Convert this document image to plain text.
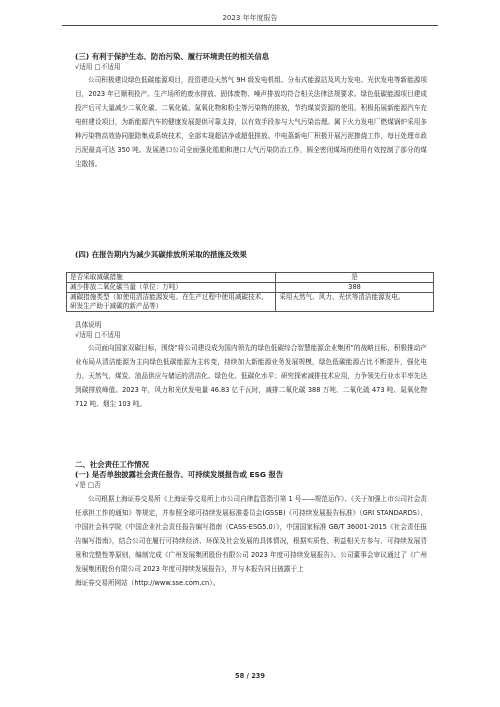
2023 年年度报告
(三) 有利于保护生态、防治污染、履行环境责任的相关信息
√适用 □不适用
公司积极建设绿色低碳能源项目，投资建设天然气 9H 级发电机组、分布式能源站及风力发电、光伏发电等新能源项目，2023 年已顺利投产。生产场所的废水排放、固体废物、噪声排放均符合相关法律法规要求。绿色低碳能源项目建成投产后可大量减少二氧化碳、二氧化硫、氮氧化物和粉尘等污染物的排放，节约煤炭资源的使用。积极拓展新能源汽车充电桩建设项目，为新能源汽车的健康发展提供可靠支持，以有效手段参与大气污染治理。属下火力发电厂燃煤锅炉采用多种污染物高效协同脱除集成系统技术，全部实现超洁净或超低排放。中电荔新电厂积极开展污泥掺烧工作，每日处理市政污泥最高可达 350 吨。发展港口公司全面强化船舶和港口大气污染防治工作，圆全密闭煤场的使用有效控制了部分的煤尘散扬。
(四) 在报告期内为减少其碳排放所采取的措施及效果
是否采取减碳措施	是
减少排放二氧化碳当量（单位：万吨）	388
减碳措施类型（如使用清洁能源发电、在生产过程中使用减碳技术、研发生产助于减碳的新产品等）	采用天然气、风力、光伏等清洁能源发电。
具体说明
√适用 □不适用
公司面向国家双碳目标，围绕“将公司建设成为国内领先的绿色低碳综合智慧能源企业集团”的战略目标，积极推动产业布局从清洁能源为主向绿色低碳能源为主转变，持续加大新能源业务发展规模，绿色低碳能源占比不断提升，强化电力、天然气、煤炭、油品供应与储运的清洁化、绿色化、低碳化水平；研究探索减排技术应用，力争领先行业水平率先达到碳排放峰值。2023 年，风力和光伏发电量 46.83 亿千瓦时，减排二氧化碳 388 万吨、二氧化硫 473 吨、氮氧化物 712 吨、烟尘 103 吨。
二、社会责任工作情况
(一) 是否单独披露社会责任报告、可持续发展报告或 ESG 报告
√是 □否
公司根据上海证券交易所《上海证券交易所上市公司自律监管指引第 1 号——规范运作》、《关于加强上市公司社会责任承担工作的通知》等规定，并参照全球可持续发展标准委员会(GSSB)《可持续发展报告标准》（GRI STANDARDS）、中国社会科学院《中国企业社会责任报告编写指南（CASS-ESG5.0）》，中国国家标准 GB/T 36001-2015《社会责任报告编写指南》，结合公司在履行可持续经济、环保及社会发展的具体情况，根据实质性、利益相关方参与、可持续发展背景和完整性等原则，编制完成《广州发展集团股份有限公司 2023 年度可持续发展报告》。公司董事会审议通过了《广州发展集团股份有限公司 2023 年度可持续发展报告》，并与本报告同日披露于上
海证券交易所网站（http://www.sse.com.cn）。
58 / 239
